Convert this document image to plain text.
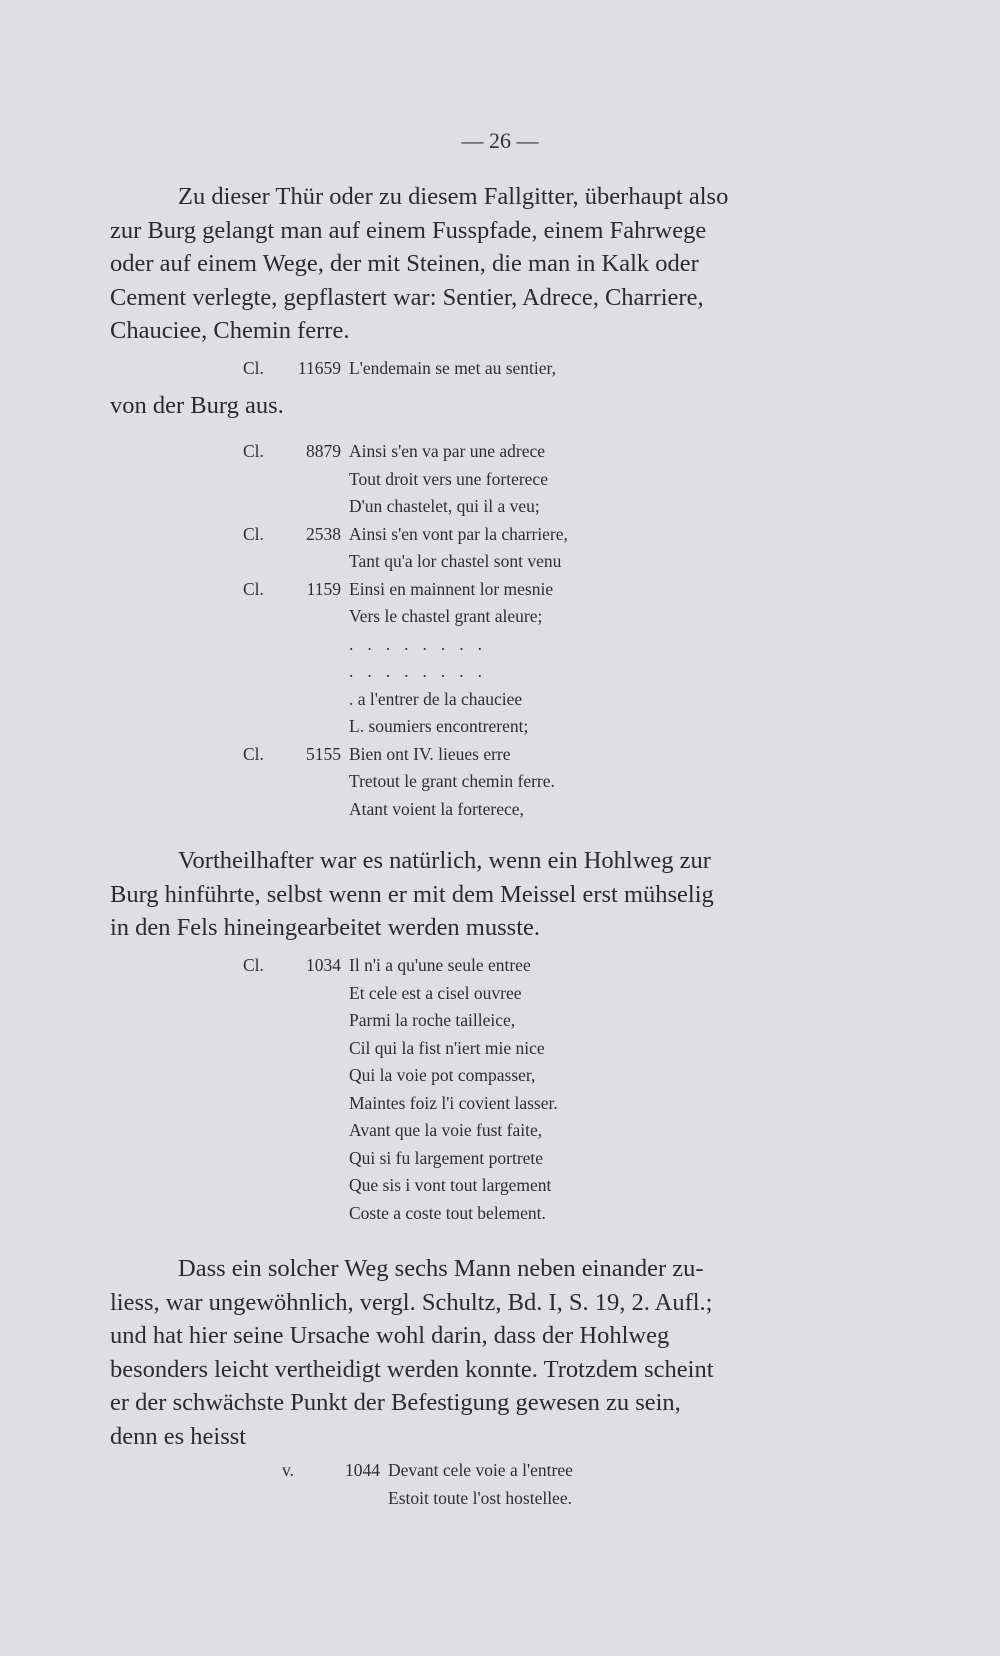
— 26 —

Zu dieser Thür oder zu diesem Fallgitter, überhaupt also

zur Burg gelangt man auf einem Fusspfade, einem Fahrwege

oder auf einem Wege, der mit Steinen, die man in Kalk oder

Cement verlegte, gepflastert war: Sentier, Adrece, Charriere,

Chauciee, Chemin ferre.

Cl.	11659 L'endemain se met au sentier,
von der Burg aus.
Cl.	8879 Ainsi s'en va par une adrece
Tout droit vers une forterece
D'un chastelet, qui il a veu;
Cl.	2538 Ainsi s'en vont par la charriere,
Tant qu'a lor chastel sont venu
Cl.	1159 Einsi en mainnent lor mesnie
Vers le chastel grant aleure;
........
........
. a l'entrer de la chauciee
L. soumiers encontrerent;
Cl.	5155 Bien ont IV. lieues erre
Tretout le grant chemin ferre.
Atant voient la forterece,

Vortheilhafter war es natürlich, wenn ein Hohlweg zur

Burg hinführte, selbst wenn er mit dem Meissel erst mühselig

in den Fels hineingearbeitet werden musste.

Cl.	1034 Il n'i a qu'une seule entree
Et cele est a cisel ouvree
Parmi la roche tailleice,
Cil qui la fist n'iert mie nice
Qui la voie pot compasser,
Maintes foiz l'i covient lasser.
Avant que la voie fust faite,
Qui si fu largement portrete
Que sis i vont tout largement
Coste a coste tout belement.

Dass ein solcher Weg sechs Mann neben einander zu-

liess, war ungewöhnlich, vergl. Schultz, Bd. I, S. 19, 2. Aufl.;

und hat hier seine Ursache wohl darin, dass der Hohlweg

besonders leicht vertheidigt werden konnte. Trotzdem scheint

er der schwächste Punkt der Befestigung gewesen zu sein,

denn es heisst

v.	1044 Devant cele voie a l'entree
Estoit toute l'ost hostellee.
